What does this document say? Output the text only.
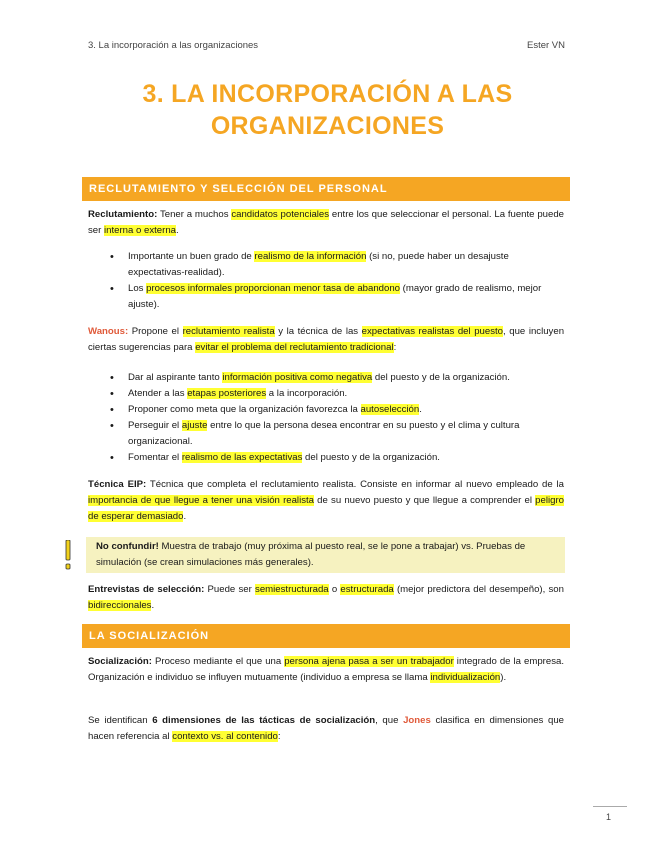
3. La incorporación a las organizaciones	Ester VN
3. LA INCORPORACIÓN A LAS
ORGANIZACIONES
RECLUTAMIENTO Y SELECCIÓN DEL PERSONAL
Reclutamiento: Tener a muchos candidatos potenciales entre los que seleccionar el personal. La fuente puede ser interna o externa.
• Importante un buen grado de realismo de la información (si no, puede haber un desajuste expectativas-realidad).
• Los procesos informales proporcionan menor tasa de abandono (mayor grado de realismo, mejor ajuste).
Wanous: Propone el reclutamiento realista y la técnica de las expectativas realistas del puesto, que incluyen ciertas sugerencias para evitar el problema del reclutamiento tradicional:
• Dar al aspirante tanto información positiva como negativa del puesto y de la organización.
• Atender a las etapas posteriores a la incorporación.
• Proponer como meta que la organización favorezca la autoselección.
• Perseguir el ajuste entre lo que la persona desea encontrar en su puesto y el clima y cultura organizacional.
• Fomentar el realismo de las expectativas del puesto y de la organización.
Técnica EIP: Técnica que completa el reclutamiento realista. Consiste en informar al nuevo empleado de la importancia de que llegue a tener una visión realista de su nuevo puesto y que llegue a comprender el peligro de esperar demasiado.
No confundir! Muestra de trabajo (muy próxima al puesto real, se le pone a trabajar) vs. Pruebas de simulación (se crean simulaciones más generales).
Entrevistas de selección: Puede ser semiestructurada o estructurada (mejor predictora del desempeño), son bidireccionales.
LA SOCIALIZACIÓN
Socialización: Proceso mediante el que una persona ajena pasa a ser un trabajador integrado de la empresa. Organización e individuo se influyen mutuamente (individuo a empresa se llama individualización).
Se identifican 6 dimensiones de las tácticas de socialización, que Jones clasifica en dimensiones que hacen referencia al contexto vs. al contenido:
1
